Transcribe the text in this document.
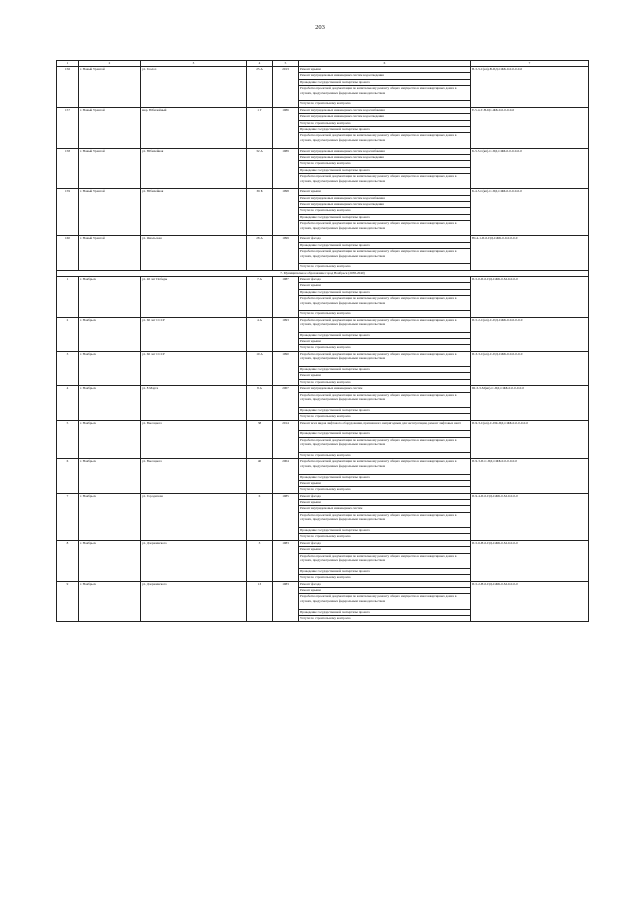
203
1	2	3	4	5	6	7
156	г. Новый Уренгой	ул. Геолог.	25 А	2013	Ремонт крыши	В-3-3-С(кп)-В-ПД-СЖБ-0-0-0-0-0-0
					Ремонт внутридомовых инженерных систем водоотведения	
					Проведение государственной экспертизы проекта	
					Разработка проектной документации по капитальному ремонту общего имущества в многоквартирных домах в случаях, предусмотренных федеральным законодательством	
					Услуги по строительному контролю	
157	г. Новый Уренгой	мкр. Юбилейный	1 Г	1986	Ремонт внутридомовых инженерных систем водоснабжения	Е-5-4-Г-Н-ЦС-ЖБ-0-0-0-0-0-0
					Ремонт внутридомовых инженерных систем водоотведения	
					Услуги по строительному контролю	
					Проведение государственной экспертизы проекта	
					Разработка проектной документации по капитальному ремонту общего имущества в многоквартирных домах в случаях, предусмотренных федеральным законодательством	
158	г. Новый Уренгой	ул. Юбилейная	32 А	1989	Ремонт внутридомовых инженерных систем водоснабжения	Б-3-3-С(кп)-С-ПД-СЖБ-0-0-0-0-0-0
					Ремонт внутридомовых инженерных систем водоотведения	
					Услуги по строительному контролю	
					Проведение государственной экспертизы проекта	
					Разработка проектной документации по капитальному ремонту общего имущества в многоквартирных домах в случаях, предусмотренных федеральным законодательством	
159	г. Новый Уренгой	ул. Юбилейная	36 Б	1998	Ремонт крыши	Б-4-5-С(кп)-С-ПД-СЖБ-0-0-0-0-0-0
					Ремонт внутридомовых инженерных систем водоснабжения	
					Ремонт внутридомовых инженерных систем водоотведения	
					Услуги по строительному контролю	
					Проведение государственной экспертизы проекта	
					Разработка проектной документации по капитальному ремонту общего имущества в многоквартирных домах в случаях, предусмотренных федеральным законодательством	
160	г. Новый Уренгой	ул. Ямальская	28 А	1999	Ремонт фасада	Ю-4-1-П-0-ПД-СЖБ-0-0-0-0-0-0
					Проведение государственной экспертизы проекта	
					Разработка проектной документации по капитальному ремонту общего имущества в многоквартирных домах в случаях, предусмотренных федеральным законодательством	
					Услуги по строительному контролю	
7. Муниципальное образование город Ноябрьск (2038-2040)						
1	г. Ноябрьск	ул. 40 лет Победы	7 А	1987	Ремонт фасада	П-5-0-П-0-ПД-СЖБ-0-М-0-0-0-0
					Ремонт крыши	
					Проведение государственной экспертизы проекта	
					Разработка проектной документации по капитальному ремонту общего имущества в многоквартирных домах в случаях, предусмотренных федеральным законодательством	
					Услуги по строительному контролю	
2	г. Ноябрьск	ул. 60 лет СССР	4 А	1993	Разработка проектной документации по капитальному ремонту общего имущества в многоквартирных домах в случаях, предусмотренных федеральным законодательством	П-5-2-С(кп)-С-ПД-СЖБ-0-0-0-0-0-0
					Проведение государственной экспертизы проекта	
					Ремонт крыши	
					Услуги по строительному контролю	
3	г. Ноябрьск	ул. 60 лет СССР	10 А	1990	Разработка проектной документации по капитальному ремонту общего имущества в многоквартирных домах в случаях, предусмотренных федеральным законодательством	П-3-3-С(кп)-С-ПД-СЖБ-0-0-0-0-0-0
					Проведение государственной экспертизы проекта	
					Ремонт крыши	
					Услуги по строительному контролю	
4	г. Ноябрьск	ул. 8 Марта	8 А	2007	Ремонт внутридомовых инженерных систем	Ш-3-3-М(кп)-С-ПД-СЖБ-0-0-0-0-0-0
					Разработка проектной документации по капитальному ремонту общего имущества в многоквартирных домах в случаях, предусмотренных федеральным законодательством	
					Проведение государственной экспертизы проекта	
					Услуги по строительному контролю	
5	г. Ноябрьск	ул. Высоцкого	38	2014	Ремонт всех видов лифтового оборудования, признанного непригодным для эксплуатации, ремонт лифтовых шахт	П-9-3-С(кп)-С-ПК-ПД-СЖБ-0-0-0-0-0-0
					Проведение государственной экспертизы проекта	
					Разработка проектной документации по капитальному ремонту общего имущества в многоквартирных домах в случаях, предусмотренных федеральным законодательством	
					Услуги по строительному контролю	
6	г. Ноябрьск	ул. Высоцкого	40	2004	Разработка проектной документации по капитальному ремонту общего имущества в многоквартирных домах в случаях, предусмотренных федеральным законодательством	П-9-3-П-С-ПД-СЖБ-0-0-0-0-0-0
					Проведение государственной экспертизы проекта	
					Ремонт крыши	
					Услуги по строительному контролю	
7	г. Ноябрьск	ул. Городилова	6	1985	Ремонт фасада	П-9-4-П-0-ПД-СЖБ-0-М-0-0-0-0
					Ремонт крыши	
					Ремонт внутридомовых инженерных систем	
					Разработка проектной документации по капитальному ремонту общего имущества в многоквартирных домах в случаях, предусмотренных федеральным законодательством	
					Проведение государственной экспертизы проекта	
					Услуги по строительному контролю	
8	г. Ноябрьск	ул. Дзержинского	3	1983	Ремонт фасада	П-5-6-Н-0-ПД-СЖБ-0-М-0-0-0-0
					Ремонт крыши	
					Разработка проектной документации по капитальному ремонту общего имущества в многоквартирных домах в случаях, предусмотренных федеральным законодательством	
					Проведение государственной экспертизы проекта	
					Услуги по строительному контролю	
9	г. Ноябрьск	ул. Дзержинского	13	1983	Ремонт фасада	П-5-2-Н-0-ПД-СЖБ-0-М-0-0-0-0
					Ремонт крыши	
					Разработка проектной документации по капитальному ремонту общего имущества в многоквартирных домах в случаях, предусмотренных федеральным законодательством	
					Проведение государственной экспертизы проекта	
					Услуги по строительному контролю	
